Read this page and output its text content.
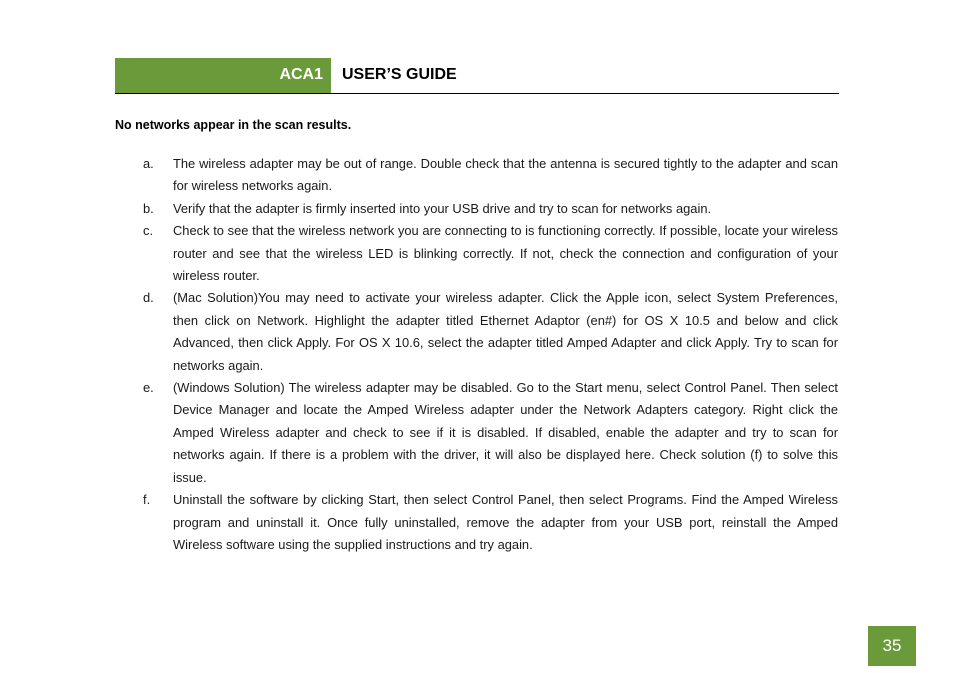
ACA1 USER’S GUIDE
No networks appear in the scan results.
a. The wireless adapter may be out of range. Double check that the antenna is secured tightly to the adapter and scan for wireless networks again.
b. Verify that the adapter is firmly inserted into your USB drive and try to scan for networks again.
c. Check to see that the wireless network you are connecting to is functioning correctly. If possible, locate your wireless router and see that the wireless LED is blinking correctly. If not, check the connection and configuration of your wireless router.
d. (Mac Solution)You may need to activate your wireless adapter. Click the Apple icon, select System Preferences, then click on Network. Highlight the adapter titled Ethernet Adaptor (en#) for OS X 10.5 and below and click Advanced, then click Apply. For OS X 10.6, select the adapter titled Amped Adapter and click Apply. Try to scan for networks again.
e. (Windows Solution) The wireless adapter may be disabled. Go to the Start menu, select Control Panel. Then select Device Manager and locate the Amped Wireless adapter under the Network Adapters category. Right click the Amped Wireless adapter and check to see if it is disabled. If disabled, enable the adapter and try to scan for networks again. If there is a problem with the driver, it will also be displayed here. Check solution (f) to solve this issue.
f. Uninstall the software by clicking Start, then select Control Panel, then select Programs. Find the Amped Wireless program and uninstall it. Once fully uninstalled, remove the adapter from your USB port, reinstall the Amped Wireless software using the supplied instructions and try again.
35
